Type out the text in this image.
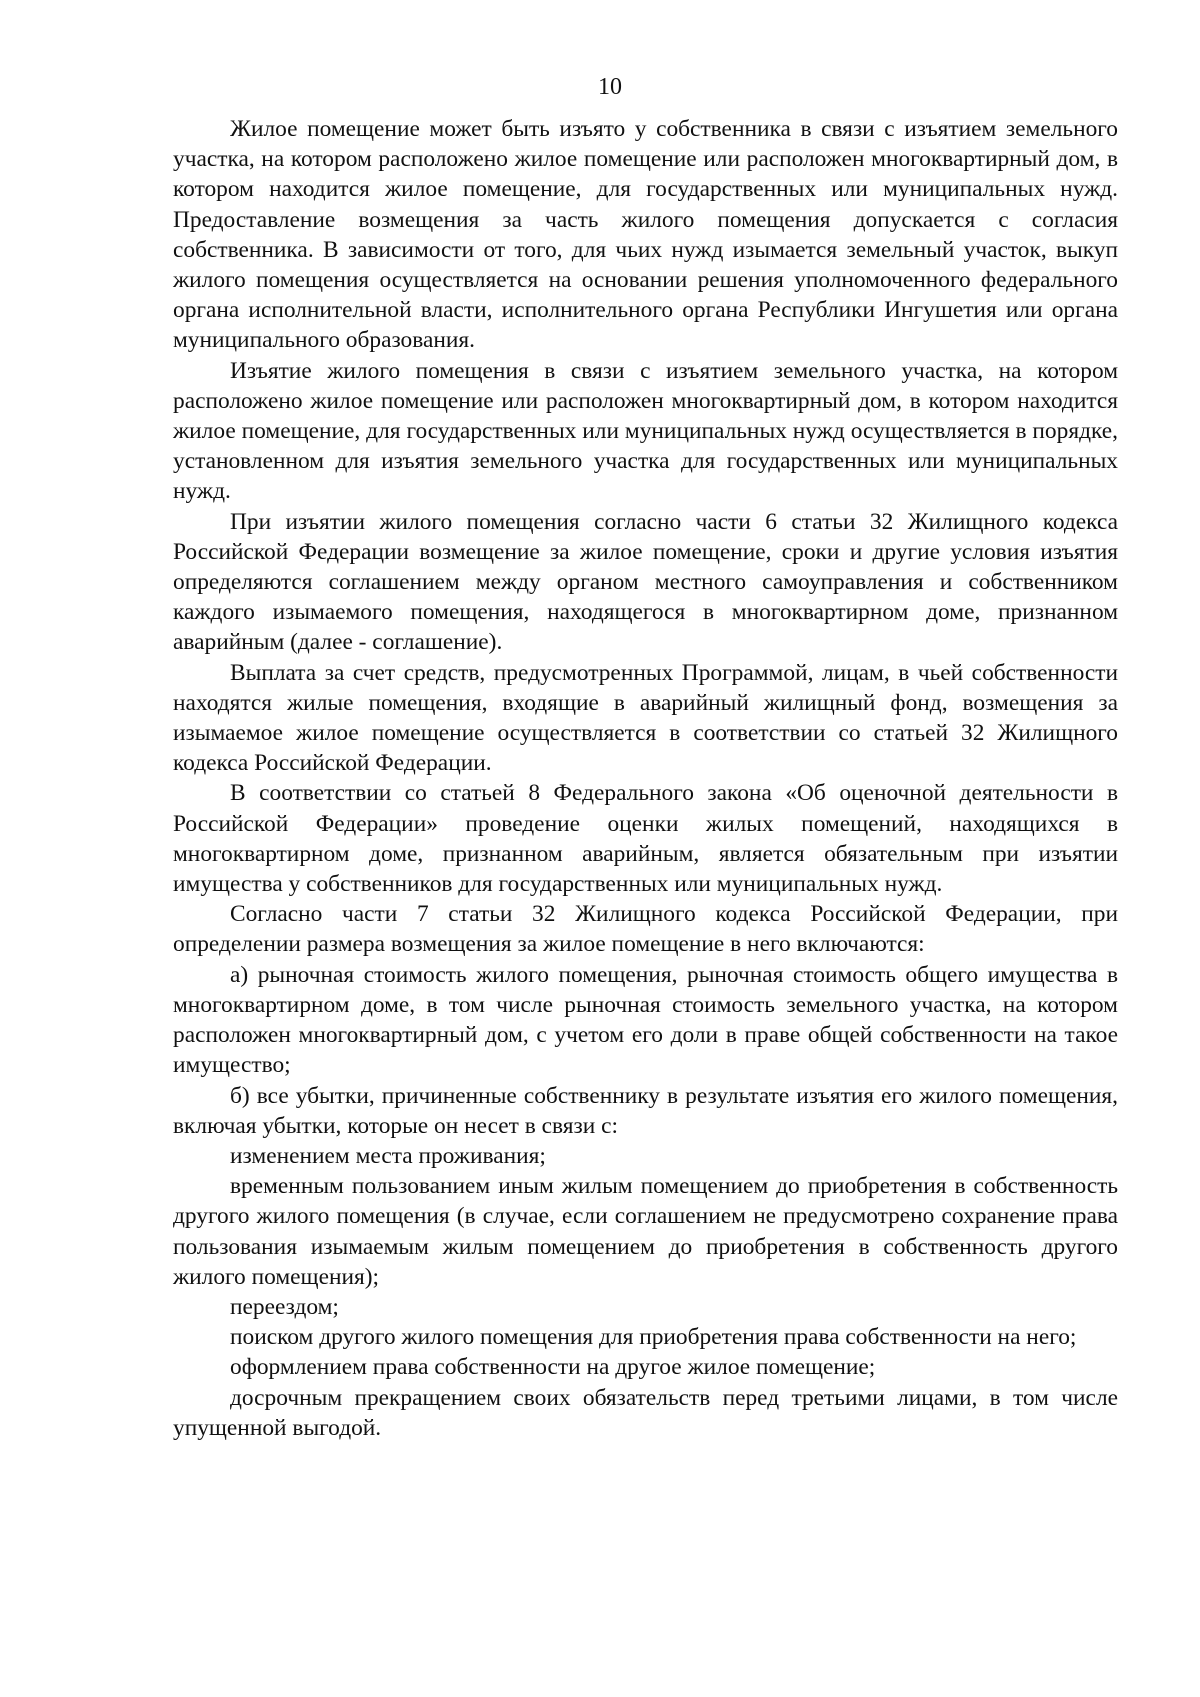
10

Жилое помещение может быть изъято у собственника в связи с изъятием земельного участка, на котором расположено жилое помещение или расположен многоквартирный дом, в котором находится жилое помещение, для государственных или муниципальных нужд. Предоставление возмещения за часть жилого помещения допускается с согласия собственника. В зависимости от того, для чьих нужд изымается земельный участок, выкуп жилого помещения осуществляется на основании решения уполномоченного федерального органа исполнительной власти, исполнительного органа Республики Ингушетия или органа муниципального образования.

Изъятие жилого помещения в связи с изъятием земельного участка, на котором расположено жилое помещение или расположен многоквартирный дом, в котором находится жилое помещение, для государственных или муниципальных нужд осуществляется в порядке, установленном для изъятия земельного участка для государственных или муниципальных нужд.

При изъятии жилого помещения согласно части 6 статьи 32 Жилищного кодекса Российской Федерации возмещение за жилое помещение, сроки и другие условия изъятия определяются соглашением между органом местного самоуправления и собственником каждого изымаемого помещения, находящегося в многоквартирном доме, признанном аварийным (далее - соглашение).

Выплата за счет средств, предусмотренных Программой, лицам, в чьей собственности находятся жилые помещения, входящие в аварийный жилищный фонд, возмещения за изымаемое жилое помещение осуществляется в соответствии со статьей 32 Жилищного кодекса Российской Федерации.

В соответствии со статьей 8 Федерального закона «Об оценочной деятельности в Российской Федерации» проведение оценки жилых помещений, находящихся в многоквартирном доме, признанном аварийным, является обязательным при изъятии имущества у собственников для государственных или муниципальных нужд.

Согласно части 7 статьи 32 Жилищного кодекса Российской Федерации, при определении размера возмещения за жилое помещение в него включаются:

а) рыночная стоимость жилого помещения, рыночная стоимость общего имущества в многоквартирном доме, в том числе рыночная стоимость земельного участка, на котором расположен многоквартирный дом, с учетом его доли в праве общей собственности на такое имущество;

б) все убытки, причиненные собственнику в результате изъятия его жилого помещения, включая убытки, которые он несет в связи с:

изменением места проживания;

временным пользованием иным жилым помещением до приобретения в собственность другого жилого помещения (в случае, если соглашением не предусмотрено сохранение права пользования изымаемым жилым помещением до приобретения в собственность другого жилого помещения);

переездом;

поиском другого жилого помещения для приобретения права собственности на него;

оформлением права собственности на другое жилое помещение;

досрочным прекращением своих обязательств перед третьими лицами, в том числе упущенной выгодой.
